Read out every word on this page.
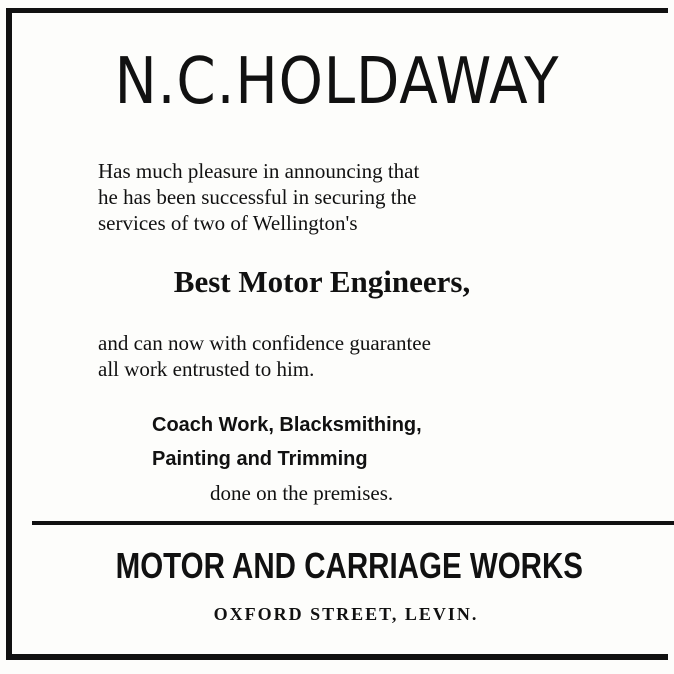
N.C.HOLDAWAY
Has much pleasure in announcing that
he has been successful in securing the
services of two of Wellington's
Best Motor Engineers,
and can now with confidence guarantee
all work entrusted to him.
Coach Work, Blacksmithing,
Painting and Trimming
done on the premises.
MOTOR AND CARRIAGE WORKS
OXFORD STREET, LEVIN.
